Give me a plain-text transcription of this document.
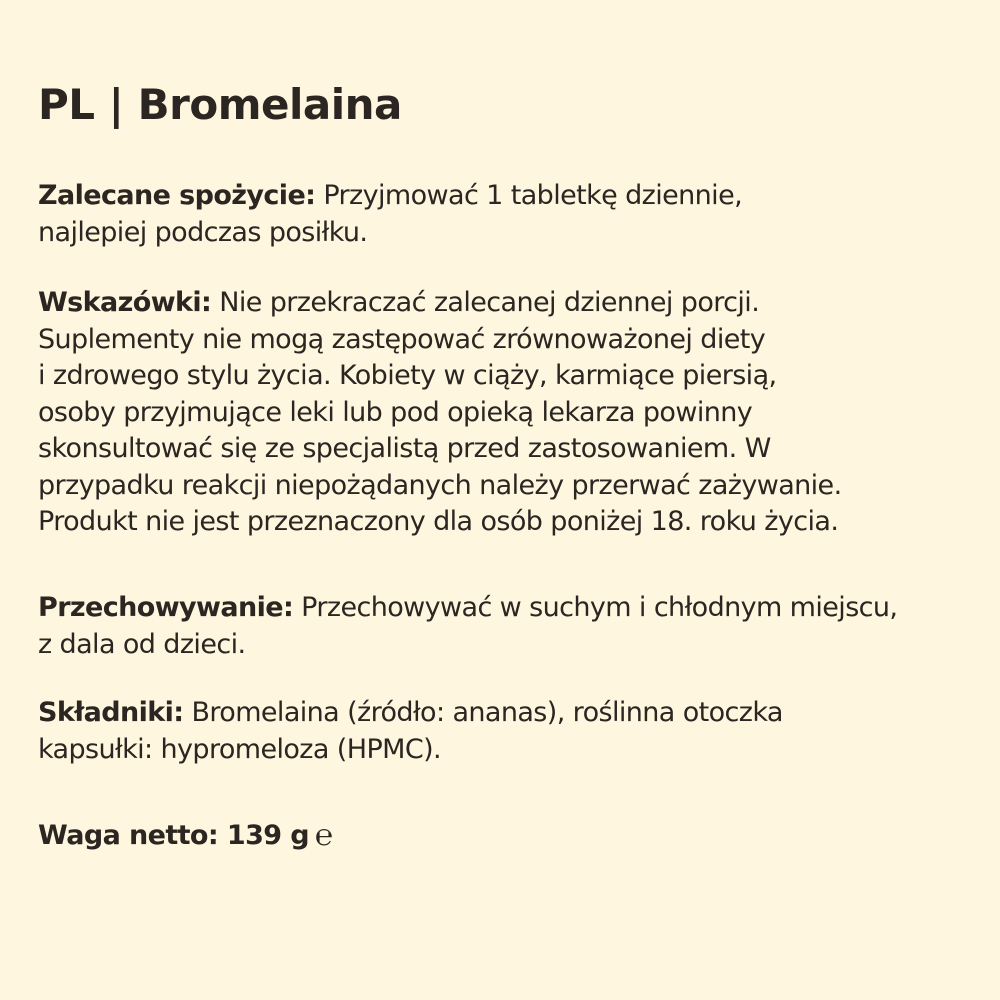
PL | Bromelaina

Zalecane spożycie: Przyjmować 1 tabletkę dziennie,
najlepiej podczas posiłku.

Wskazówki: Nie przekraczać zalecanej dziennej porcji.
Suplementy nie mogą zastępować zrównoważonej diety
i zdrowego stylu życia. Kobiety w ciąży, karmiące piersią,
osoby przyjmujące leki lub pod opieką lekarza powinny
skonsultować się ze specjalistą przed zastosowaniem. W
przypadku reakcji niepożądanych należy przerwać zażywanie.
Produkt nie jest przeznaczony dla osób poniżej 18. roku życia.

Przechowywanie: Przechowywać w suchym i chłodnym miejscu,
z dala od dzieci.

Składniki: Bromelaina (źródło: ananas), roślinna otoczka
kapsułki: hypromeloza (HPMC).

Waga netto: 139 g ℮
